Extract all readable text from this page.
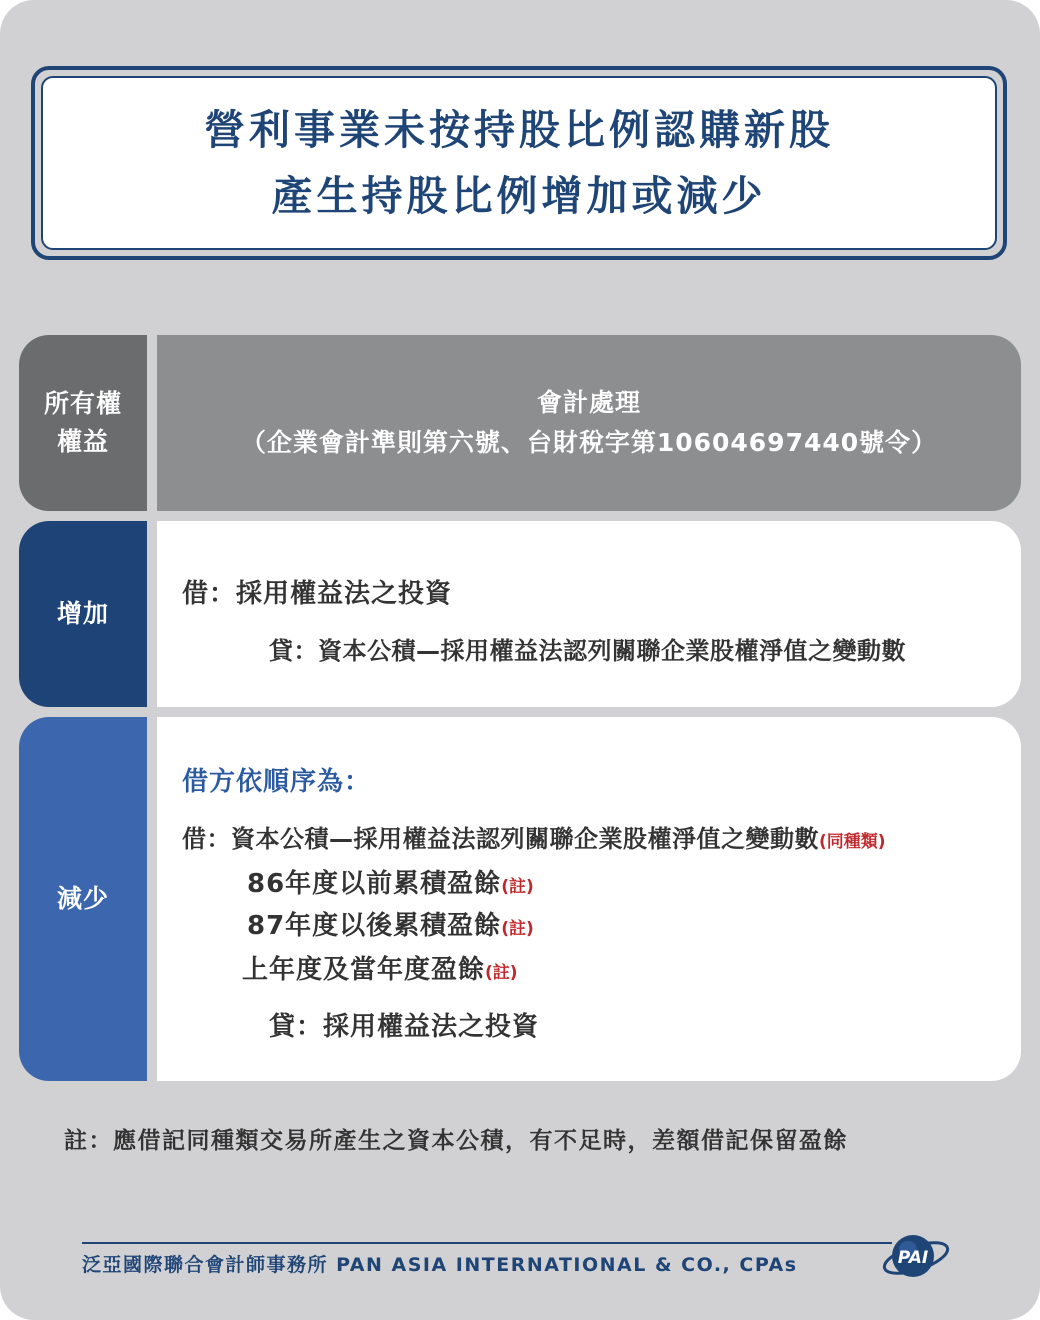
營利事業未按持股比例認購新股
產生持股比例增加或減少
所有權
權益
會計處理
（企業會計準則第六號、台財稅字第10604697440號令）
增加
借：採用權益法之投資
貸：資本公積—採用權益法認列關聯企業股權淨值之變動數
減少
借方依順序為：
借：資本公積—採用權益法認列關聯企業股權淨值之變動數(同種類)
86年度以前累積盈餘(註)
87年度以後累積盈餘(註)
上年度及當年度盈餘(註)
貸：採用權益法之投資
註：應借記同種類交易所產生之資本公積，有不足時，差額借記保留盈餘
泛亞國際聯合會計師事務所 PAN ASIA INTERNATIONAL & CO., CPAs	PAI
